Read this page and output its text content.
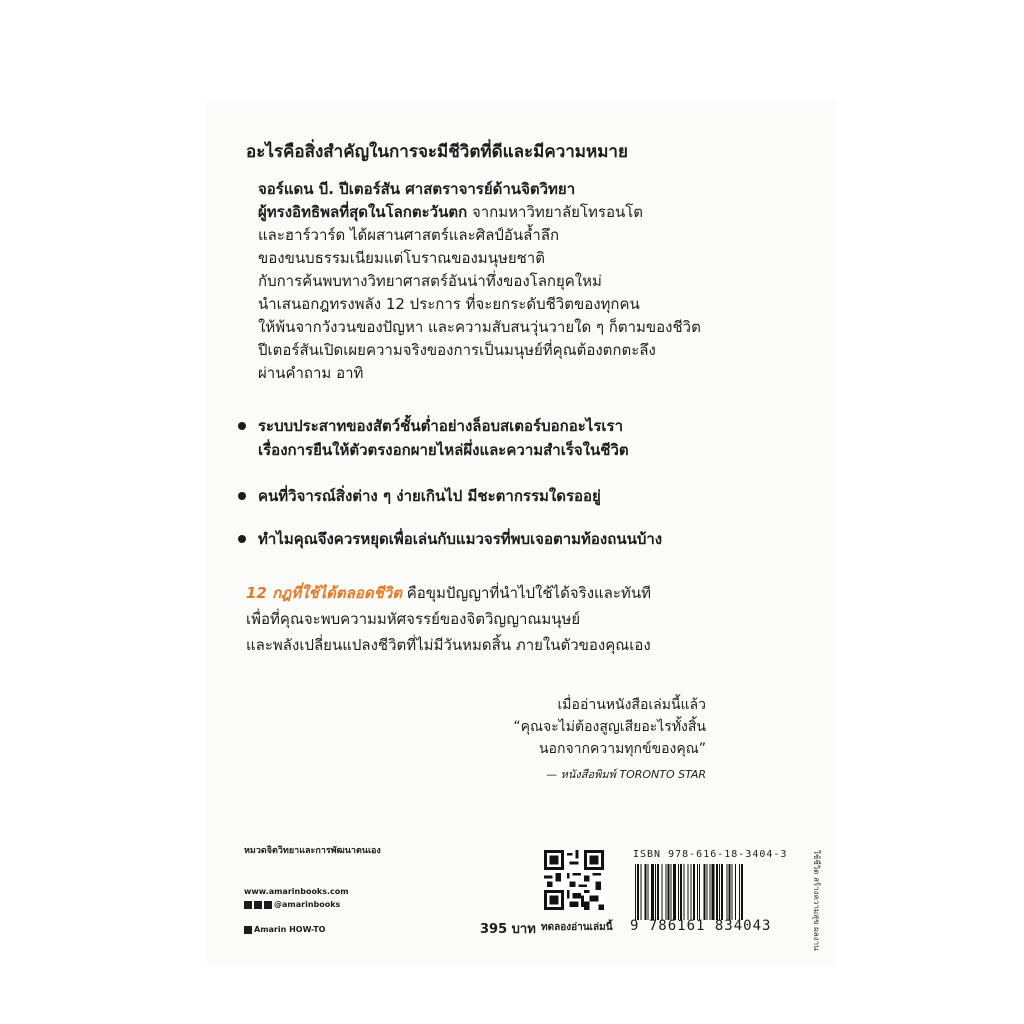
อะไรคือสิ่งสำคัญในการจะมีชีวิตที่ดีและมีความหมาย
จอร์แดน บี. ปีเตอร์สัน ศาสตราจารย์ด้านจิตวิทยา
ผู้ทรงอิทธิพลที่สุดในโลกตะวันตก จากมหาวิทยาลัยโทรอนโต
และฮาร์วาร์ด ได้ผสานศาสตร์และศิลป์อันล้ำลึก
ของขนบธรรมเนียมแต่โบราณของมนุษยชาติ
กับการค้นพบทางวิทยาศาสตร์อันน่าทึ่งของโลกยุคใหม่
นำเสนอกฎทรงพลัง 12 ประการ ที่จะยกระดับชีวิตของทุกคน
ให้พ้นจากวังวนของปัญหา และความสับสนวุ่นวายใด ๆ ก็ตามของชีวิต
ปีเตอร์สันเปิดเผยความจริงของการเป็นมนุษย์ที่คุณต้องตกตะลึง
ผ่านคำถาม อาทิ
ระบบประสาทของสัตว์ชั้นต่ำอย่างล็อบสเตอร์บอกอะไรเรา
เรื่องการยืนให้ตัวตรงอกผายไหล่ผึ่งและความสำเร็จในชีวิต
คนที่วิจารณ์สิ่งต่าง ๆ ง่ายเกินไป มีชะตากรรมใดรออยู่
ทำไมคุณจึงควรหยุดเพื่อเล่นกับแมวจรที่พบเจอตามท้องถนนบ้าง
12 กฎที่ใช้ได้ตลอดชีวิต คือขุมปัญญาที่นำไปใช้ได้จริงและทันที
เพื่อที่คุณจะพบความมหัศจรรย์ของจิตวิญญาณมนุษย์
และพลังเปลี่ยนแปลงชีวิตที่ไม่มีวันหมดสิ้น ภายในตัวของคุณเอง
เมื่ออ่านหนังสือเล่มนี้แล้ว
“คุณจะไม่ต้องสูญเสียอะไรทั้งสิ้น
นอกจากความทุกข์ของคุณ”
— หนังสือพิมพ์ TORONTO STAR
หมวดจิตวิทยาและการพัฒนาตนเอง
www.amarinbooks.com
@amarinbooks
Amarin HOW-TO	395 บาท ทดลองอ่านเล่มนี้
ISBN 978-616-18-3404-3
9 786161 834043	ใช้ชีวิต สร้างความสุข ผลงาน
